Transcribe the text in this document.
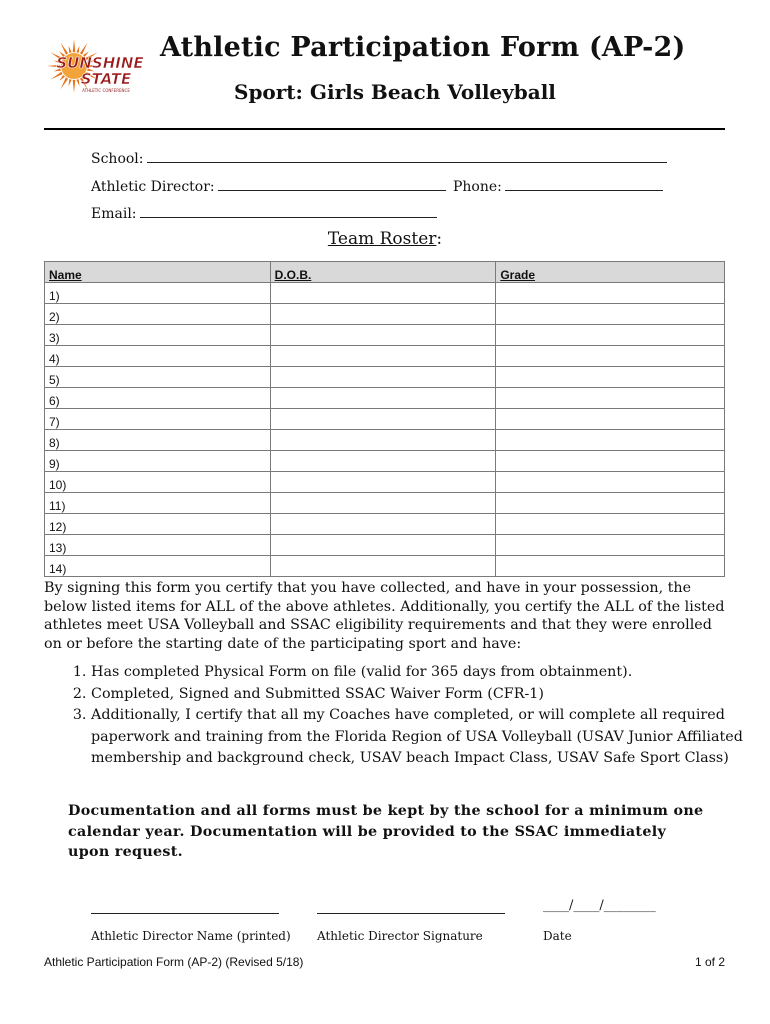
SUNSHINE
STATE
ATHLETIC CONFERENCE
Athletic Participation Form (AP-2)
Sport: Girls Beach Volleyball
School:
Athletic Director:	Phone:
Email:
Team Roster:
Name	D.O.B.	Grade
1)		
2)		
3)		
4)		
5)		
6)		
7)		
8)		
9)		
10)		
11)		
12)		
13)		
14)		
By signing this form you certify that you have collected, and have in your possession, the below listed items for ALL of the above athletes. Additionally, you certify the ALL of the listed athletes meet USA Volleyball and SSAC eligibility requirements and that they were enrolled on or before the starting date of the participating sport and have:
1. Has completed Physical Form on file (valid for 365 days from obtainment).
2. Completed, Signed and Submitted SSAC Waiver Form (CFR-1)
3. Additionally, I certify that all my Coaches have completed, or will complete all required paperwork and training from the Florida Region of USA Volleyball (USAV Junior Affiliated membership and background check, USAV beach Impact Class, USAV Safe Sport Class)
Documentation and all forms must be kept by the school for a minimum one calendar year. Documentation will be provided to the SSAC immediately upon request.
____/____/________
Athletic Director Name (printed) Athletic Director Signature	Date
Athletic Participation Form (AP-2) (Revised 5/18)	1 of 2
